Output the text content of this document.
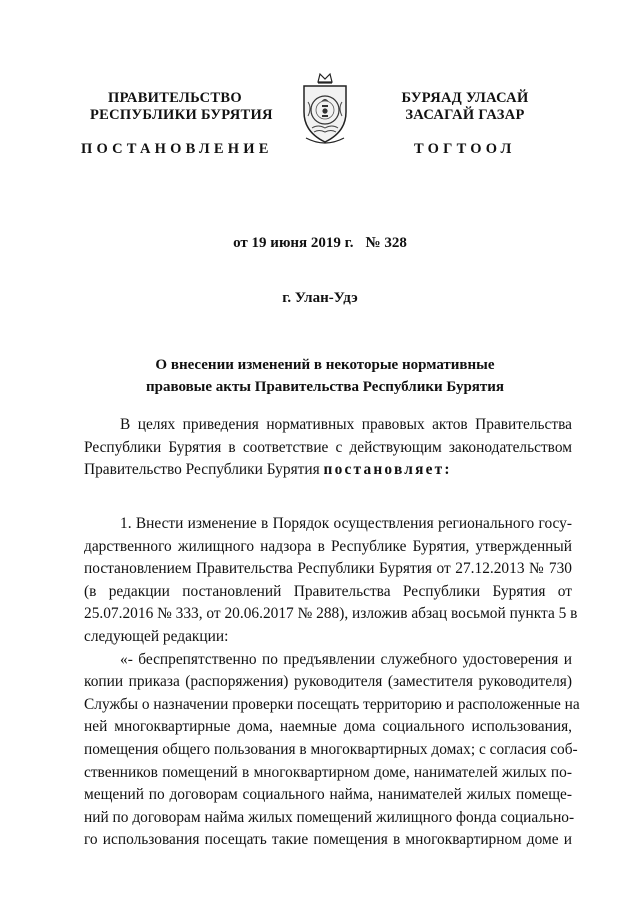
ПРАВИТЕЛЬСТВО
РЕСПУБЛИКИ БУРЯТИЯ
БУРЯАД УЛАСАЙ
ЗАСАГАЙ ГАЗАР
ПОСТАНОВЛЕНИЕ	ТОГТООЛ
от 19 июня 2019 г. № 328
г. Улан-Удэ
О внесении изменений в некоторые нормативные
правовые акты Правительства Республики Бурятия
В целях приведения нормативных правовых актов Правительства
Республики Бурятия в соответствие с действующим законодательством
Правительство Республики Бурятия постановляет:
1. Внести изменение в Порядок осуществления регионального госу-
дарственного жилищного надзора в Республике Бурятия, утвержденный
постановлением Правительства Республики Бурятия от 27.12.2013 № 730
(в редакции постановлений Правительства Республики Бурятия от
25.07.2016 № 333, от 20.06.2017 № 288), изложив абзац восьмой пункта 5 в
следующей редакции:
«- беспрепятственно по предъявлении служебного удостоверения и
копии приказа (распоряжения) руководителя (заместителя руководителя)
Службы о назначении проверки посещать территорию и расположенные на
ней многоквартирные дома, наемные дома социального использования,
помещения общего пользования в многоквартирных домах; с согласия соб-
ственников помещений в многоквартирном доме, нанимателей жилых по-
мещений по договорам социального найма, нанимателей жилых помеще-
ний по договорам найма жилых помещений жилищного фонда социально-
го использования посещать такие помещения в многоквартирном доме и
